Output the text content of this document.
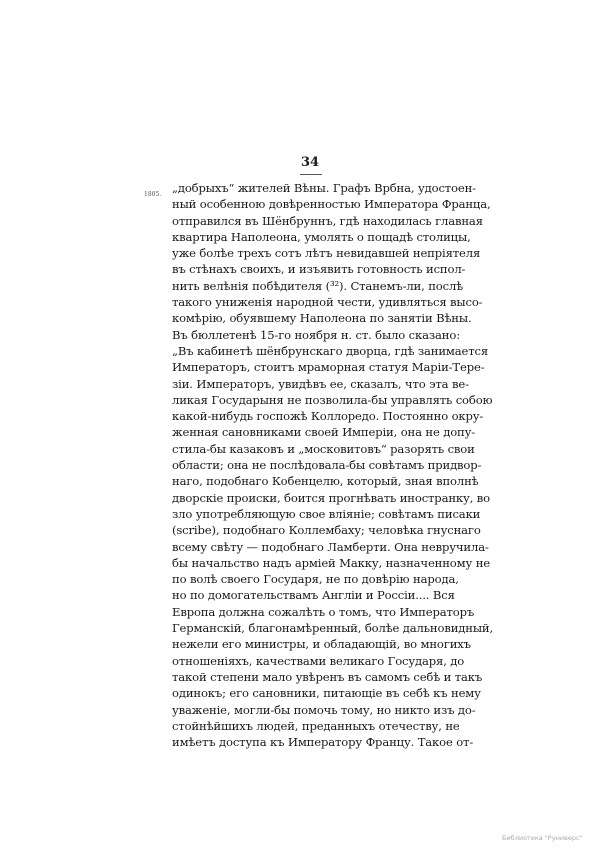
34
1805. „добрыхъ“ жителей Вѣны. Графъ Врбна, удостоен-
ный особенною довѣренностью Императора Франца,
отправился въ Шёнбруннъ, гдѣ находилась главная
квартира Наполеона, умолять о пощадѣ столицы,
уже болѣе трехъ сотъ лѣтъ невидавшей непріятеля
въ стѣнахъ своихъ, и изъявить готовность испол-
нить велѣнія побѣдителя (³²). Станемъ-ли, послѣ
такого униженія народной чести, удивляться высо-
комѣрію, обуявшему Наполеона по занятіи Вѣны.
Въ бюллетенѣ 15-го ноября н. ст. было сказано:
„Въ кабинетѣ шёнбрунскаго дворца, гдѣ занимается
Императоръ, стоитъ мраморная статуя Маріи-Tере-
зіи. Императоръ, увидѣвъ ее, сказалъ, что эта ве-
ликая Государыня не позволила-бы управлять собою
какой-нибудь госпожѣ Коллоредо. Постоянно окру-
женная сановниками своей Имперіи, она не допу-
стила-бы казаковъ и „московитовъ“ разорять свои
области; она не послѣдовала-бы совѣтамъ придвор-
наго, подобнаго Кобенцелю, который, зная вполнѣ
дворскіе происки, боится прогнѣвать иностранку, во
зло употребляющую свое вліяніе; совѣтамъ писаки
(scribe), подобнаго Коллембаху; человѣка гнуснаго
всему свѣту — подобнаго Ламберти. Она невручила-
бы начальство надъ арміей Макку, назначенному не
по волѣ своего Государя, не по довѣрію народа,
но по домогательствамъ Англіи и Россіи.... Вся
Европа должна сожалѣть о томъ, что Императоръ
Германскій, благонамѣренный, болѣе дальновидный,
нежели его министры, и обладающій, во многихъ
отношеніяхъ, качествами великаго Государя, до
такой степени мало увѣренъ въ самомъ себѣ и такъ
одинокъ; его сановники, питающіе въ себѣ къ нему
уваженіе, могли-бы помочь тому, но никто изъ до-
стойнѣйшихъ людей, преданныхъ отечеству, не
имѣетъ доступа къ Императору Францу. Такое от-
Библиотека "Руниверс"
